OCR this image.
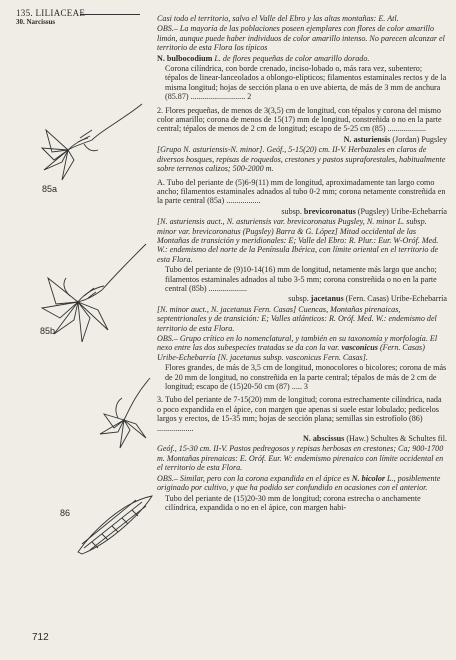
135. LILIACEAE
30. Narcissus
85a
85b
86

Casi todo el territorio, salvo el Valle del Ebro y las altas montañas: E. Atl.

OBS.– La mayoría de las poblaciones poseen ejemplares con flores de color amarillo limón, aunque puede haber individuos de color amarillo intenso. No parecen alcanzar el territorio de esta Flora los típicos

N. bulbocodium L. de flores pequeñas de color amarillo dorado.

Corona cilíndrica, con borde crenado, inciso-lobado o, más rara vez, subentero; tépalos de linear-lanceolados a oblongo-elípticos; filamentos estaminales rectos y de la misma longitud; hojas de sección plana o en uve abierta, de más de 3 mm de anchura (85.87) ........................... 2

2. Flores pequeñas, de menos de 3(3,5) cm de longitud, con tépalos y corona del mismo color amarillo; corona de menos de 15(17) mm de longitud, constreñida o no en la parte central; tépalos de menos de 2 cm de longitud; escapo de 5-25 cm (85) ...................

N. asturiensis (Jordan) Pugsley

[Grupo N. asturiensis-N. minor]. Geóf., 5-15(20) cm. II-V. Herbazales en claros de diversos bosques, repisas de roquedos, crestones y pastos supraforestales, habitualmente sobre terrenos calizos; 500-2000 m.

A. Tubo del periante de (5)6-9(11) mm de longitud, aproximadamente tan largo como ancho; filamentos estaminales adnados al tubo 0-2 mm; corona netamente constreñida en la parte central (85a) .................

subsp. brevicoronatus (Pugsley) Uribe-Echebarría

[N. asturiensis auct., N. asturiensis var. brevicoronatus Pugsley, N. minor L. subsp. minor var. brevicoronatus (Pugsley) Barra & G. López] Mitad occidental de las Montañas de transición y meridionales: E; Valle del Ebro: R. Plur.: Eur. W-Oróf. Med. W.: endemismo del norte de la Península Ibérica, con límite oriental en el territorio de esta Flora.

Tubo del periante de (9)10-14(16) mm de longitud, netamente más largo que ancho; filamentos estaminales adnados al tubo 3-5 mm; corona constreñida o no en la parte central (85b) ...................

subsp. jacetanus (Fern. Casas) Uribe-Echebarría

[N. minor auct., N. jacetanus Fern. Casas] Cuencas, Montañas pirenaicas, septentrionales y de transición: E; Valles atlánticos: R. Oróf. Med. W.: endemismo del territorio de esta Flora.

OBS.– Grupo crítico en lo nomenclatural, y también en su taxonomía y morfología. El nexo entre las dos subespecies tratadas se da con la var. vasconicus (Fern. Casas) Uribe-Echebarría [N. jacetanus subsp. vasconicus Fern. Casas].

Flores grandes, de más de 3,5 cm de longitud, monocolores o bicolores; corona de más de 20 mm de longitud, no constreñida en la parte central; tépalos de más de 2 cm de longitud; escapo de (15)20-50 cm (87) ..... 3

3. Tubo del periante de 7-15(20) mm de longitud; corona estrechamente cilíndrica, nada o poco expandida en el ápice, con margen que apenas si suele estar lobulado; pedicelos largos y erectos, de 15-35 mm; hojas de sección plana; semillas sin estrofíolo (86) ..................

N. abscissus (Haw.) Schultes & Schultes fil.

Geóf., 15-30 cm. II-V. Pastos pedregosos y repisas herbosas en crestones; Ca; 900-1700 m. Montañas pirenaicas: E. Oróf. Eur. W: endemismo pirenaico con límite occidental en el territorio de esta Flora.

OBS.– Similar, pero con la corona expandida en el ápice es N. bicolor L., posiblemente originado por cultivo, y que ha podido ser confundido en ocasiones con el anterior.

Tubo del periante de (15)20-30 mm de longitud; corona estrecha o anchamente cilíndrica, expandida o no en el ápice, con margen habi-

712
